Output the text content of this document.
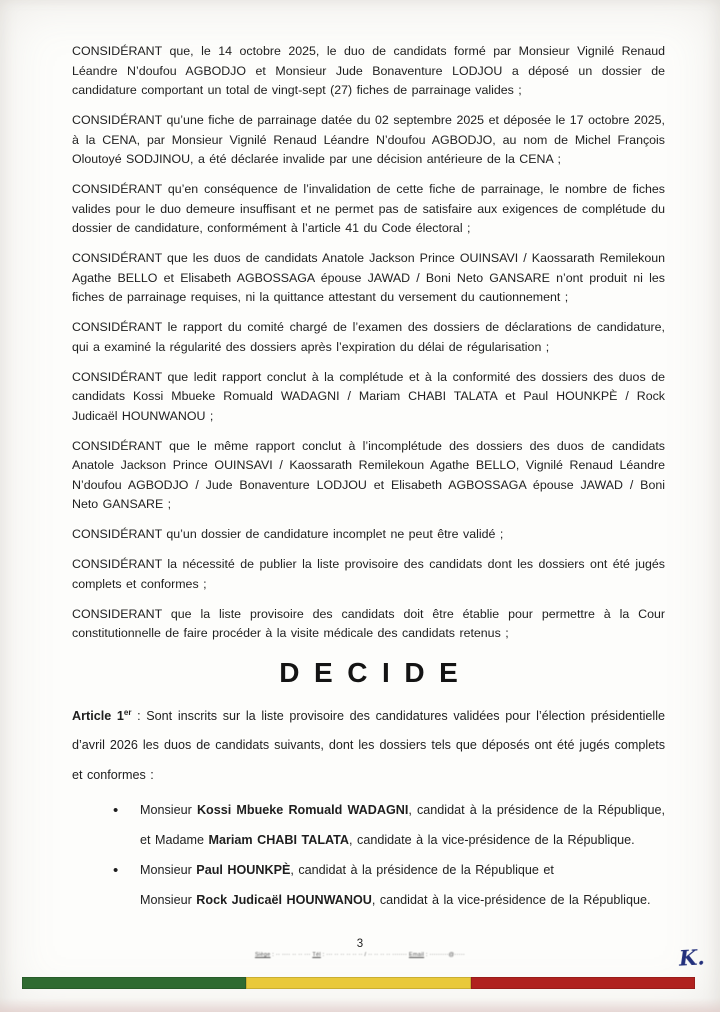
CONSIDÉRANT que, le 14 octobre 2025, le duo de candidats formé par Monsieur Vignilé Renaud Léandre N’doufou AGBODJO et Monsieur Jude Bonaventure LODJOU a déposé un dossier de candidature comportant un total de vingt-sept (27) fiches de parrainage valides ;

CONSIDÉRANT qu’une fiche de parrainage datée du 02 septembre 2025 et déposée le 17 octobre 2025, à la CENA, par Monsieur Vignilé Renaud Léandre N’doufou AGBODJO, au nom de Michel François Oloutoyé SODJINOU, a été déclarée invalide par une décision antérieure de la CENA ;

CONSIDÉRANT qu’en conséquence de l’invalidation de cette fiche de parrainage, le nombre de fiches valides pour le duo demeure insuffisant et ne permet pas de satisfaire aux exigences de complétude du dossier de candidature, conformément à l’article 41 du Code électoral ;

CONSIDÉRANT que les duos de candidats Anatole Jackson Prince OUINSAVI / Kaossarath Remilekoun Agathe BELLO et Elisabeth AGBOSSAGA épouse JAWAD / Boni Neto GANSARE n’ont produit ni les fiches de parrainage requises, ni la quittance attestant du versement du cautionnement ;

CONSIDÉRANT le rapport du comité chargé de l’examen des dossiers de déclarations de candidature, qui a examiné la régularité des dossiers après l’expiration du délai de régularisation ;

CONSIDÉRANT que ledit rapport conclut à la complétude et à la conformité des dossiers des duos de candidats Kossi Mbueke Romuald WADAGNI / Mariam CHABI TALATA et Paul HOUNKPÈ / Rock Judicaël HOUNWANOU ;

CONSIDÉRANT que le même rapport conclut à l’incomplétude des dossiers des duos de candidats Anatole Jackson Prince OUINSAVI / Kaossarath Remilekoun Agathe BELLO, Vignilé Renaud Léandre N’doufou AGBODJO / Jude Bonaventure LODJOU et Elisabeth AGBOSSAGA épouse JAWAD / Boni Neto GANSARE ;

CONSIDÉRANT qu’un dossier de candidature incomplet ne peut être validé ;

CONSIDÉRANT la nécessité de publier la liste provisoire des candidats dont les dossiers ont été jugés complets et conformes ;

CONSIDERANT que la liste provisoire des candidats doit être établie pour permettre à la Cour constitutionnelle de faire procéder à la visite médicale des candidats retenus ;

DECIDE

Article 1er : Sont inscrits sur la liste provisoire des candidatures validées pour l’élection présidentielle d’avril 2026 les duos de candidats suivants, dont les dossiers tels que déposés ont été jugés complets et conformes :

• Monsieur Kossi Mbueke Romuald WADAGNI, candidat à la présidence de la République, et Madame Mariam CHABI TALATA, candidate à la vice-présidence de la République.
• Monsieur Paul HOUNKPÈ, candidat à la présidence de la République et
Monsieur Rock Judicaël HOUNWANOU, candidat à la vice-présidence de la République.
3
Siège : ·· ···· ·· ·· ··· Tél : ··· ·· ·· ·· ·· ·· / ·· ·· ·· ·· ······· Email : ·········@·····	K.
